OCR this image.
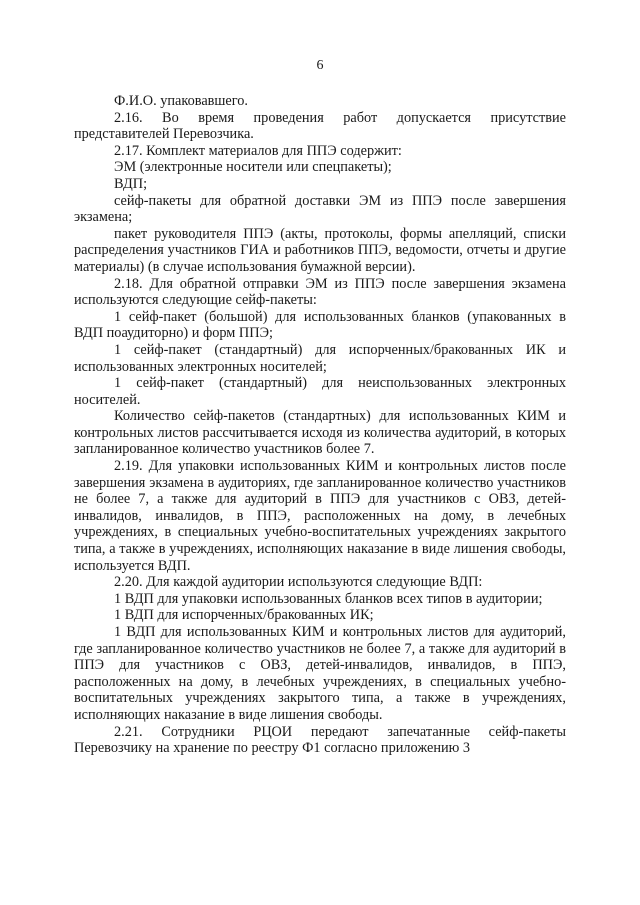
6

Ф.И.О. упаковавшего.

2.16. Во время проведения работ допускается присутствие представителей Перевозчика.

2.17. Комплект материалов для ППЭ содержит:

ЭМ (электронные носители или спецпакеты);

ВДП;

сейф-пакеты для обратной доставки ЭМ из ППЭ после завершения экзамена;

пакет руководителя ППЭ (акты, протоколы, формы апелляций, списки распределения участников ГИА и работников ППЭ, ведомости, отчеты и другие материалы) (в случае использования бумажной версии).

2.18. Для обратной отправки ЭМ из ППЭ после завершения экзамена используются следующие сейф-пакеты:

1 сейф-пакет (большой) для использованных бланков (упакованных в ВДП поаудиторно) и форм ППЭ;

1 сейф-пакет (стандартный) для испорченных/бракованных ИК и использованных электронных носителей;

1 сейф-пакет (стандартный) для неиспользованных электронных носителей.

Количество сейф-пакетов (стандартных) для использованных КИМ и контрольных листов рассчитывается исходя из количества аудиторий, в которых запланированное количество участников более 7.

2.19. Для упаковки использованных КИМ и контрольных листов после завершения экзамена в аудиториях, где запланированное количество участников не более 7, а также для аудиторий в ППЭ для участников с ОВЗ, детей-инвалидов, инвалидов, в ППЭ, расположенных на дому, в лечебных учреждениях, в специальных учебно-воспитательных учреждениях закрытого типа, а также в учреждениях, исполняющих наказание в виде лишения свободы, используется ВДП.

2.20. Для каждой аудитории используются следующие ВДП:

1 ВДП для упаковки использованных бланков всех типов в аудитории;

1 ВДП для испорченных/бракованных ИК;

1 ВДП для использованных КИМ и контрольных листов для аудиторий, где запланированное количество участников не более 7, а также для аудиторий в ППЭ для участников с ОВЗ, детей-инвалидов, инвалидов, в ППЭ, расположенных на дому, в лечебных учреждениях, в специальных учебно-воспитательных учреждениях закрытого типа, а также в учреждениях, исполняющих наказание в виде лишения свободы.

2.21. Сотрудники РЦОИ передают запечатанные сейф-пакеты Перевозчику на хранение по реестру Ф1 согласно приложению 3
